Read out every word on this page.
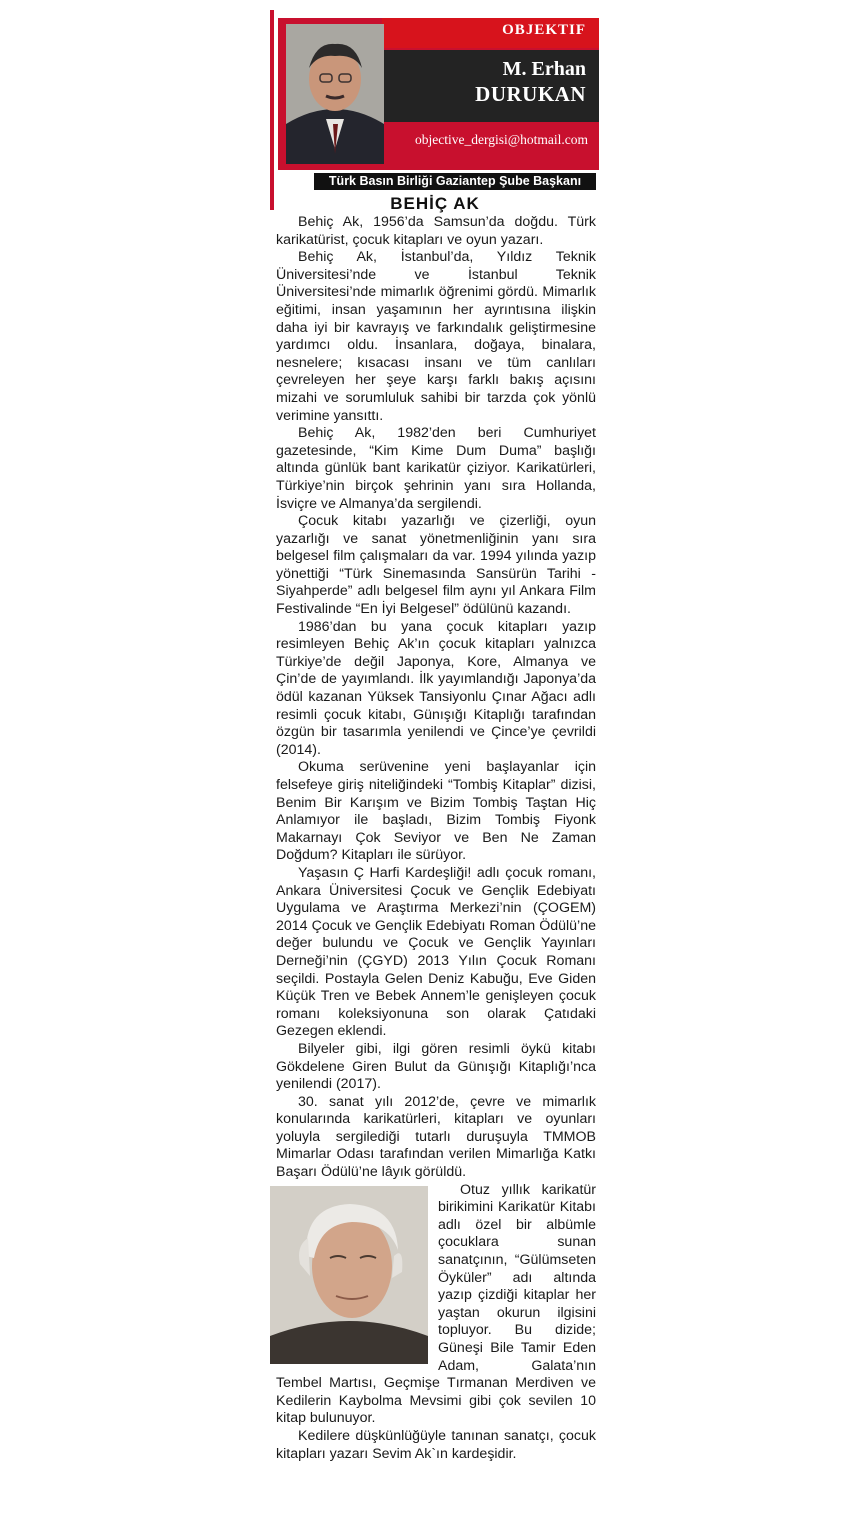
OBJEKTIF
M. Erhan
DURUKAN
objective_dergisi@hotmail.com
Türk Basın Birliği Gaziantep Şube Başkanı
BEHİÇ AK

Behiç Ak, 1956’da Samsun’da doğdu. Türk karikatürist, çocuk kitapları ve oyun yazarı.

Behiç Ak, İstanbul’da, Yıldız Teknik Üniversitesi’nde ve İstanbul Teknik Üniversitesi’nde mimarlık öğrenimi gördü. Mimarlık eğitimi, insan yaşamının her ayrıntısına ilişkin daha iyi bir kavrayış ve farkındalık geliştirmesine yardımcı oldu. İnsanlara, doğaya, binalara, nesnelere; kısacası insanı ve tüm canlıları çevreleyen her şeye karşı farklı bakış açısını mizahi ve sorumluluk sahibi bir tarzda çok yönlü verimine yansıttı.

Behiç Ak, 1982’den beri Cumhuriyet gazetesinde, “Kim Kime Dum Duma” başlığı altında günlük bant karikatür çiziyor. Karikatürleri, Türkiye’nin birçok şehrinin yanı sıra Hollanda, İsviçre ve Almanya’da sergilendi.

Çocuk kitabı yazarlığı ve çizerliği, oyun yazarlığı ve sanat yönetmenliğinin yanı sıra belgesel film çalışmaları da var. 1994 yılında yazıp yönettiği “Türk Sinemasında Sansürün Tarihi - Siyahperde” adlı belgesel film aynı yıl Ankara Film Festivalinde “En İyi Belgesel” ödülünü kazandı.

1986’dan bu yana çocuk kitapları yazıp resimleyen Behiç Ak’ın çocuk kitapları yalnızca Türkiye’de değil Japonya, Kore, Almanya ve Çin’de de yayımlandı. İlk yayımlandığı Japonya’da ödül kazanan Yüksek Tansiyonlu Çınar Ağacı adlı resimli çocuk kitabı, Günışığı Kitaplığı tarafından özgün bir tasarımla yenilendi ve Çince’ye çevrildi (2014).

Okuma serüvenine yeni başlayanlar için felsefeye giriş niteliğindeki “Tombiş Kitaplar” dizisi, Benim Bir Karışım ve Bizim Tombiş Taştan Hiç Anlamıyor ile başladı, Bizim Tombiş Fiyonk Makarnayı Çok Seviyor ve Ben Ne Zaman Doğdum? Kitapları ile sürüyor.

Yaşasın Ç Harfi Kardeşliği! adlı çocuk romanı, Ankara Üniversitesi Çocuk ve Gençlik Edebiyatı Uygulama ve Araştırma Merkezi’nin (ÇOGEM) 2014 Çocuk ve Gençlik Edebiyatı Roman Ödülü’ne değer bulundu ve Çocuk ve Gençlik Yayınları Derneği’nin (ÇGYD) 2013 Yılın Çocuk Romanı seçildi. Postayla Gelen Deniz Kabuğu, Eve Giden Küçük Tren ve Bebek Annem’le genişleyen çocuk romanı koleksiyonuna son olarak Çatıdaki Gezegen eklendi.

Bilyeler gibi, ilgi gören resimli öykü kitabı Gökdelene Giren Bulut da Günışığı Kitaplığı’nca yenilendi (2017).

30. sanat yılı 2012’de, çevre ve mimarlık konularında karikatürleri, kitapları ve oyunları yoluyla sergilediği tutarlı duruşuyla TMMOB Mimarlar Odası tarafından verilen Mimarlığa Katkı Başarı Ödülü’ne lâyık görüldü.

Otuz yıllık karikatür birikimini Karikatür Kitabı adlı özel bir albümle çocuklara sunan sanatçının, “Gülümseten Öyküler” adı altında yazıp çizdiği kitaplar her yaştan okurun ilgisini topluyor. Bu dizide; Güneşi Bile Tamir Eden Adam, Galata’nın Tembel Martısı, Geçmişe Tırmanan Merdiven ve Kedilerin Kaybolma Mevsimi gibi çok sevilen 10 kitap bulunuyor.

Kedilere düşkünlüğüyle tanınan sanatçı, çocuk kitapları yazarı Sevim Ak`ın kardeşidir.
